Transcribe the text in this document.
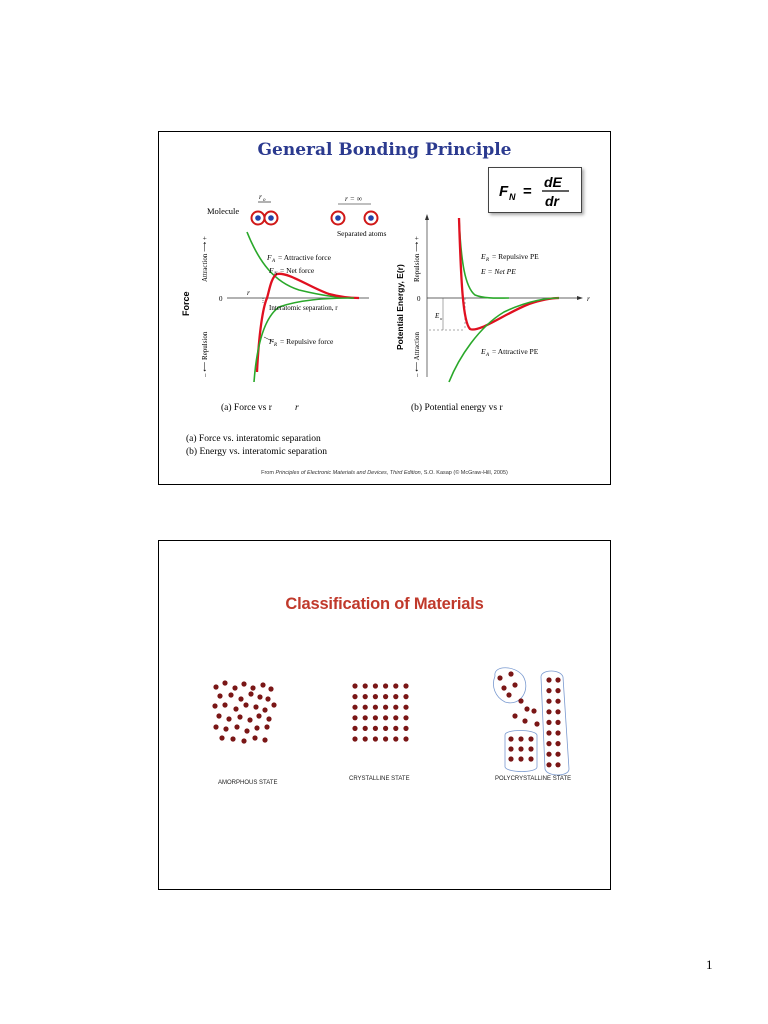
General Bonding Principle
F N =
dE
dr
Molecule
r o	r = ∞
Separated atoms
0
Attraction ⟶ +
– ⟵ Repulsion
Force	r
F A = Attractive force
F N = Net force
Interatomic separation, r
F R = Repulsive force
(a) Force vs r r
r
0
Repulsion ⟶ +
– ⟵ Attraction
Potential Energy, E(r)	E o
E R = Repulsive PE
E = Net PE
E A = Attractive PE
(b) Potential energy vs r
(a) Force vs. interatomic separation
(b) Energy vs. interatomic separation
From Principles of Electronic Materials and Devices, Third Edition, S.O. Kasap (© McGraw-Hill, 2005)
Classification of Materials
AMORPHOUS STATE
CRYSTALLINE STATE	POLYCRYSTALLINE STATE
1
